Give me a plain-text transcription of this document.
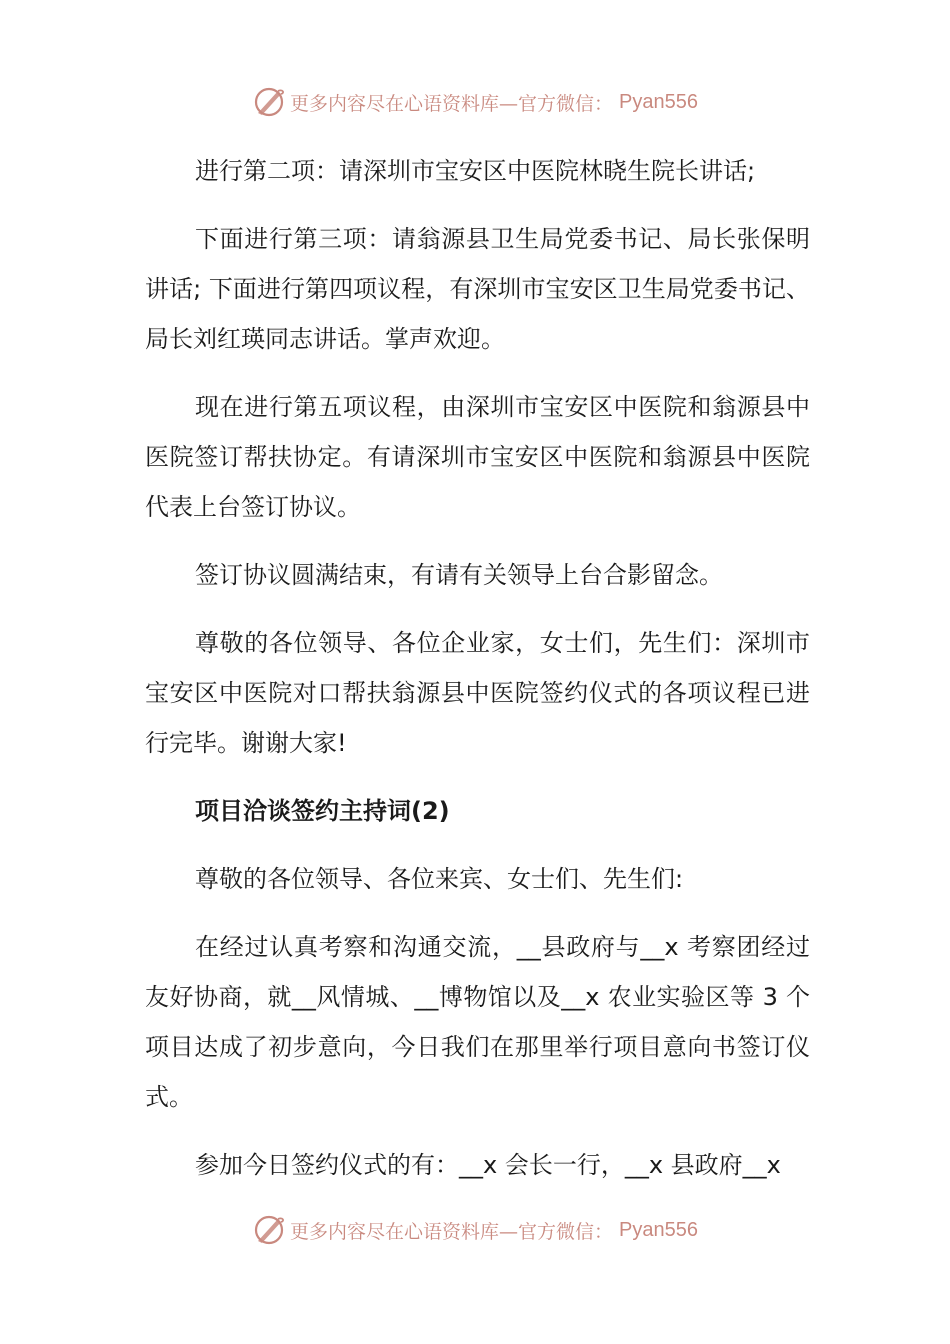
更多内容尽在心语资料库—官方微信： Pyan556

进行第二项：请深圳市宝安区中医院林晓生院长讲话;

下面进行第三项：请翁源县卫生局党委书记、局长张保明讲话; 下面进行第四项议程，有深圳市宝安区卫生局党委书记、局长刘红瑛同志讲话。掌声欢迎。

现在进行第五项议程，由深圳市宝安区中医院和翁源县中医院签订帮扶协定。有请深圳市宝安区中医院和翁源县中医院代表上台签订协议。

签订协议圆满结束，有请有关领导上台合影留念。

尊敬的各位领导、各位企业家，女士们，先生们：深圳市宝安区中医院对口帮扶翁源县中医院签约仪式的各项议程已进行完毕。谢谢大家!

项目洽谈签约主持词(2)

尊敬的各位领导、各位来宾、女士们、先生们:

在经过认真考察和沟通交流，__县政府与__x 考察团经过友好协商，就__风情城、__博物馆以及__x 农业实验区等 3 个项目达成了初步意向，今日我们在那里举行项目意向书签订仪式。

参加今日签约仪式的有：__x 会长一行，__x 县政府__x

更多内容尽在心语资料库—官方微信： Pyan556
